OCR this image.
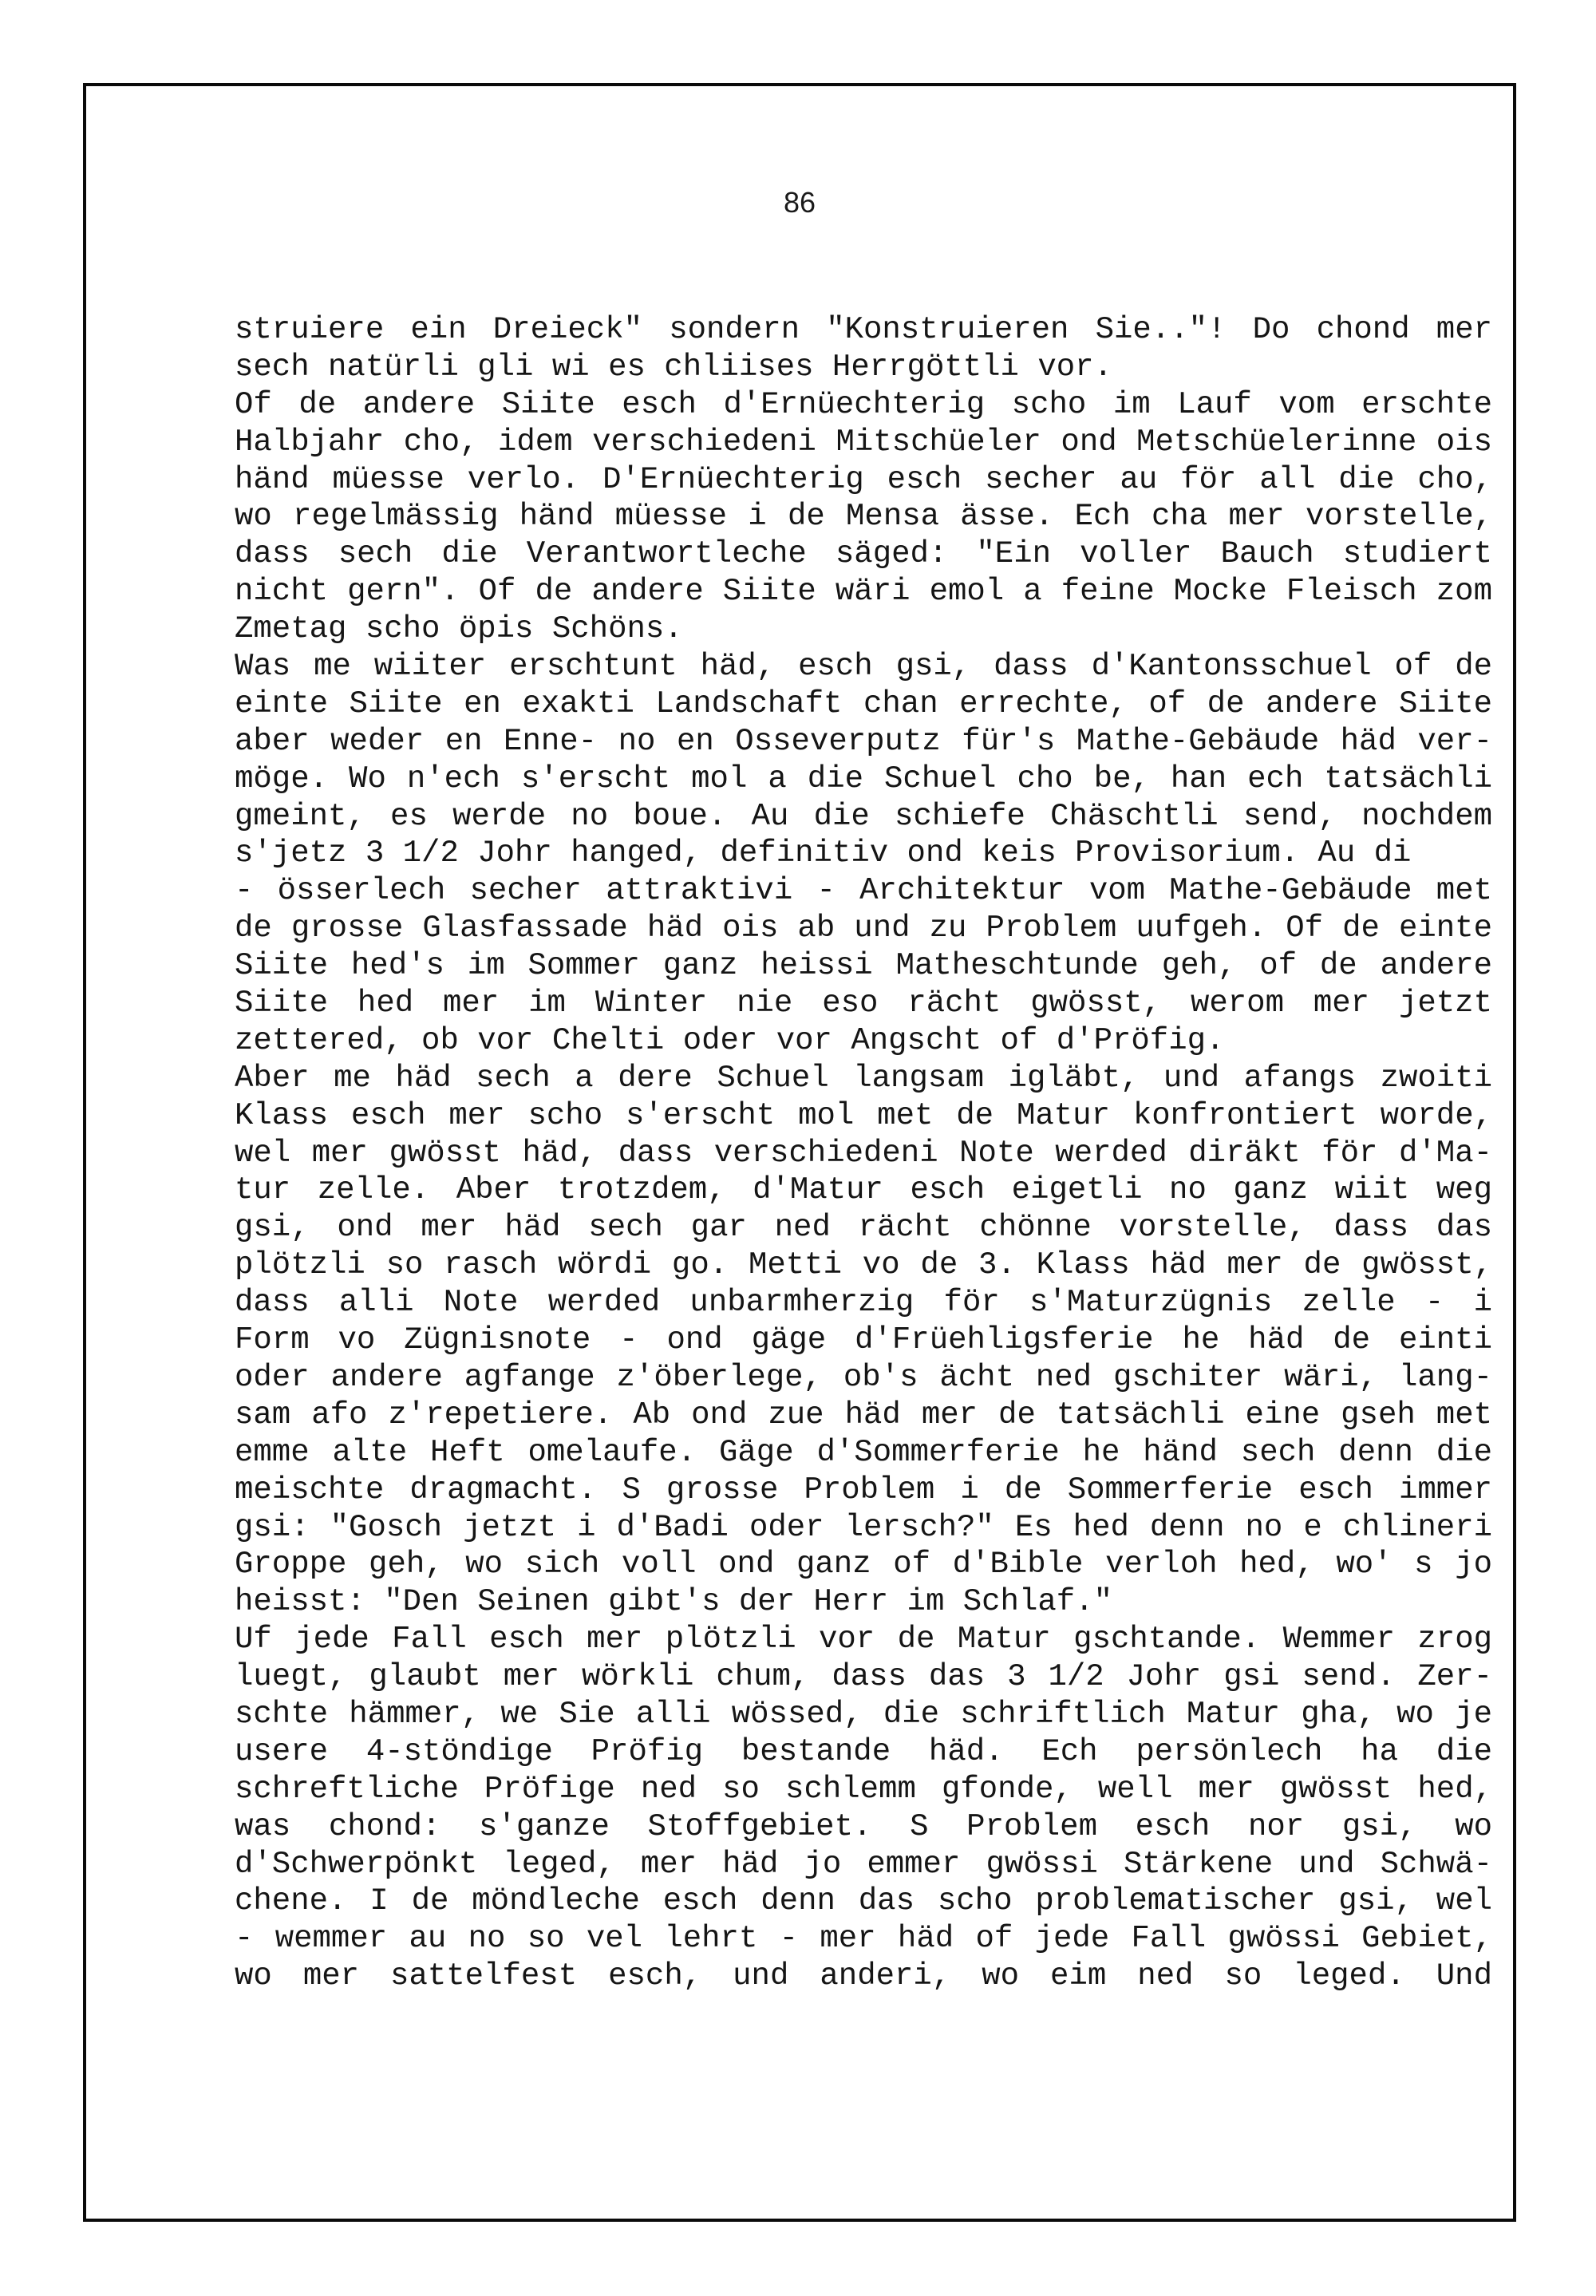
86
struiere ein Dreieck" sondern "Konstruieren Sie.."! Do chond mer
sech natürli gli wi es chliises Herrgöttli vor.
Of de andere Siite esch d'Ernüechterig scho im Lauf vom erschte
Halbjahr cho, idem verschiedeni Mitschüeler ond Metschüelerinne ois
händ müesse verlo. D'Ernüechterig esch secher au för all die cho,
wo regelmässig händ müesse i de Mensa ässe. Ech cha mer vorstelle,
dass sech die Verantwortleche säged: "Ein voller Bauch studiert
nicht gern". Of de andere Siite wäri emol a feine Mocke Fleisch zom
Zmetag scho öpis Schöns.
Was me wiiter erschtunt häd, esch gsi, dass d'Kantonsschuel of de
einte Siite en exakti Landschaft chan errechte, of de andere Siite
aber weder en Enne- no en Osseverputz für's Mathe-Gebäude häd ver-
möge. Wo n'ech s'erscht mol a die Schuel cho be, han ech tatsächli
gmeint, es werde no boue. Au die schiefe Chäschtli send, nochdem
s'jetz 3 1/2 Johr hanged, definitiv ond keis Provisorium. Au di
- össerlech secher attraktivi - Architektur vom Mathe-Gebäude met
de grosse Glasfassade häd ois ab und zu Problem uufgeh. Of de einte
Siite hed's im Sommer ganz heissi Matheschtunde geh, of de andere
Siite hed mer im Winter nie eso rächt gwösst, werom mer jetzt
zettered, ob vor Chelti oder vor Angscht of d'Pröfig.
Aber me häd sech a dere Schuel langsam igläbt, und afangs zwoiti
Klass esch mer scho s'erscht mol met de Matur konfrontiert worde,
wel mer gwösst häd, dass verschiedeni Note werded diräkt för d'Ma-
tur zelle. Aber trotzdem, d'Matur esch eigetli no ganz wiit weg
gsi, ond mer häd sech gar ned rächt chönne vorstelle, dass das
plötzli so rasch wördi go. Metti vo de 3. Klass häd mer de gwösst,
dass alli Note werded unbarmherzig för s'Maturzügnis zelle - i
Form vo Zügnisnote - ond gäge d'Früehligsferie he häd de einti
oder andere agfange z'öberlege, ob's ächt ned gschiter wäri, lang-
sam afo z'repetiere. Ab ond zue häd mer de tatsächli eine gseh met
emme alte Heft omelaufe. Gäge d'Sommerferie he händ sech denn die
meischte dragmacht. S grosse Problem i de Sommerferie esch immer
gsi: "Gosch jetzt i d'Badi oder lersch?" Es hed denn no e chlineri
Groppe geh, wo sich voll ond ganz of d'Bible verloh hed, wo' s jo
heisst: "Den Seinen gibt's der Herr im Schlaf."
Uf jede Fall esch mer plötzli vor de Matur gschtande. Wemmer zrog
luegt, glaubt mer wörkli chum, dass das 3 1/2 Johr gsi send. Zer-
schte hämmer, we Sie alli wössed, die schriftlich Matur gha, wo je
usere 4-stöndige Pröfig bestande häd. Ech persönlech ha die
schreftliche Pröfige ned so schlemm gfonde, well mer gwösst hed,
was chond: s'ganze Stoffgebiet. S Problem esch nor gsi, wo
d'Schwerpönkt leged, mer häd jo emmer gwössi Stärkene und Schwä-
chene. I de möndleche esch denn das scho problematischer gsi, wel
- wemmer au no so vel lehrt - mer häd of jede Fall gwössi Gebiet,
wo mer sattelfest esch, und anderi, wo eim ned so leged. Und
